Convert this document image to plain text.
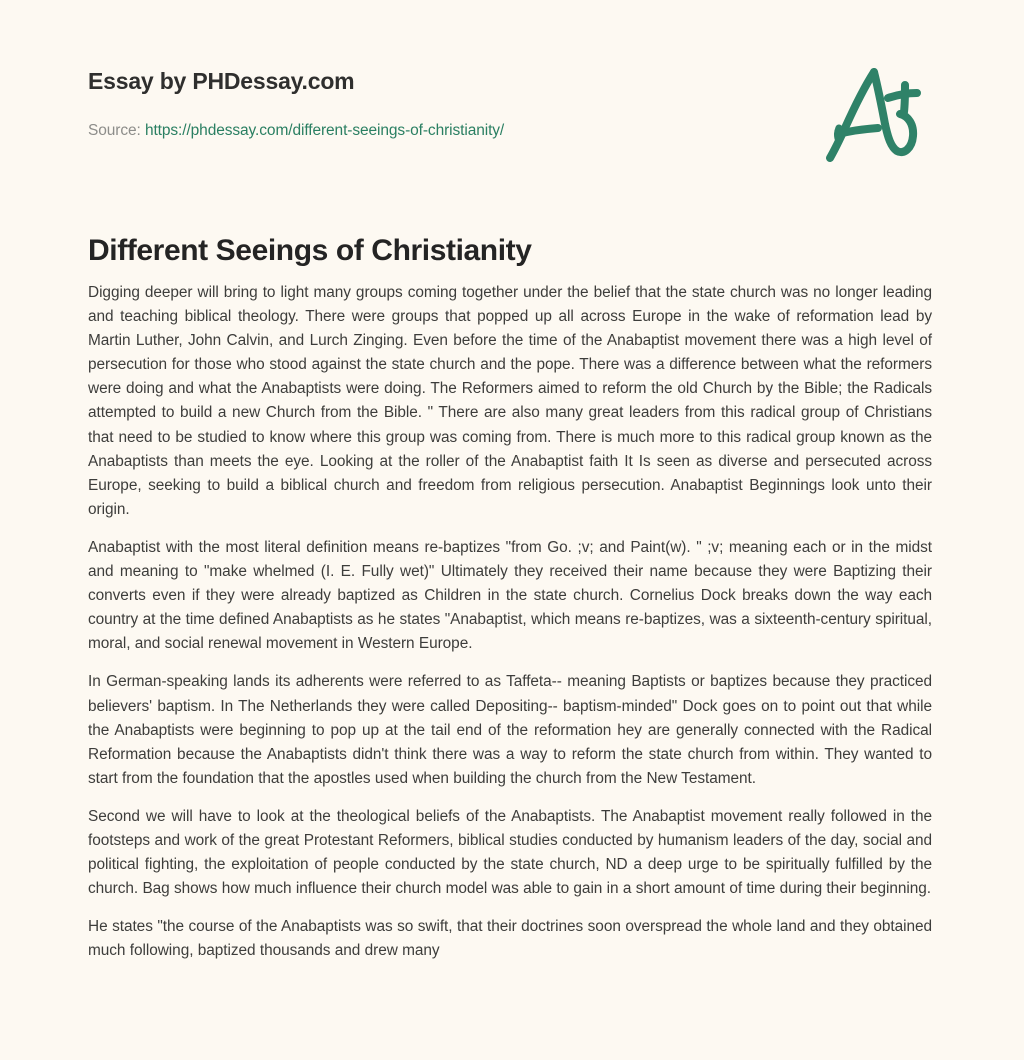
Essay by PHDessay.com
Source: https://phdessay.com/different-seeings-of-christianity/
Different Seeings of Christianity

Digging deeper will bring to light many groups coming together under the belief that the state church was no longer leading and teaching biblical theology. There were groups that popped up all across Europe in the wake of reformation lead by Martin Luther, John Calvin, and Lurch Zinging. Even before the time of the Anabaptist movement there was a high level of persecution for those who stood against the state church and the pope. There was a difference between what the reformers were doing and what the Anabaptists were doing. The Reformers aimed to reform the old Church by the Bible; the Radicals attempted to build a new Church from the Bible. " There are also many great leaders from this radical group of Christians that need to be studied to know where this group was coming from. There is much more to this radical group known as the Anabaptists than meets the eye. Looking at the roller of the Anabaptist faith It Is seen as diverse and persecuted across Europe, seeking to build a biblical church and freedom from religious persecution. Anabaptist Beginnings look unto their origin.

Anabaptist with the most literal definition means re-baptizes "from Go. ;v; and Paint(w). " ;v; meaning each or in the midst and meaning to "make whelmed (I. E. Fully wet)" Ultimately they received their name because they were Baptizing their converts even if they were already baptized as Children in the state church. Cornelius Dock breaks down the way each country at the time defined Anabaptists as he states "Anabaptist, which means re-baptizes, was a sixteenth-century spiritual, moral, and social renewal movement in Western Europe.

In German-speaking lands its adherents were referred to as Taffeta-- meaning Baptists or baptizes because they practiced believers' baptism. In The Netherlands they were called Depositing-- baptism-minded" Dock goes on to point out that while the Anabaptists were beginning to pop up at the tail end of the reformation hey are generally connected with the Radical Reformation because the Anabaptists didn't think there was a way to reform the state church from within. They wanted to start from the foundation that the apostles used when building the church from the New Testament.

Second we will have to look at the theological beliefs of the Anabaptists. The Anabaptist movement really followed in the footsteps and work of the great Protestant Reformers, biblical studies conducted by humanism leaders of the day, social and political fighting, the exploitation of people conducted by the state church, ND a deep urge to be spiritually fulfilled by the church. Bag shows how much influence their church model was able to gain in a short amount of time during their beginning.

He states "the course of the Anabaptists was so swift, that their doctrines soon overspread the whole land and they obtained much following, baptized thousands and drew many
